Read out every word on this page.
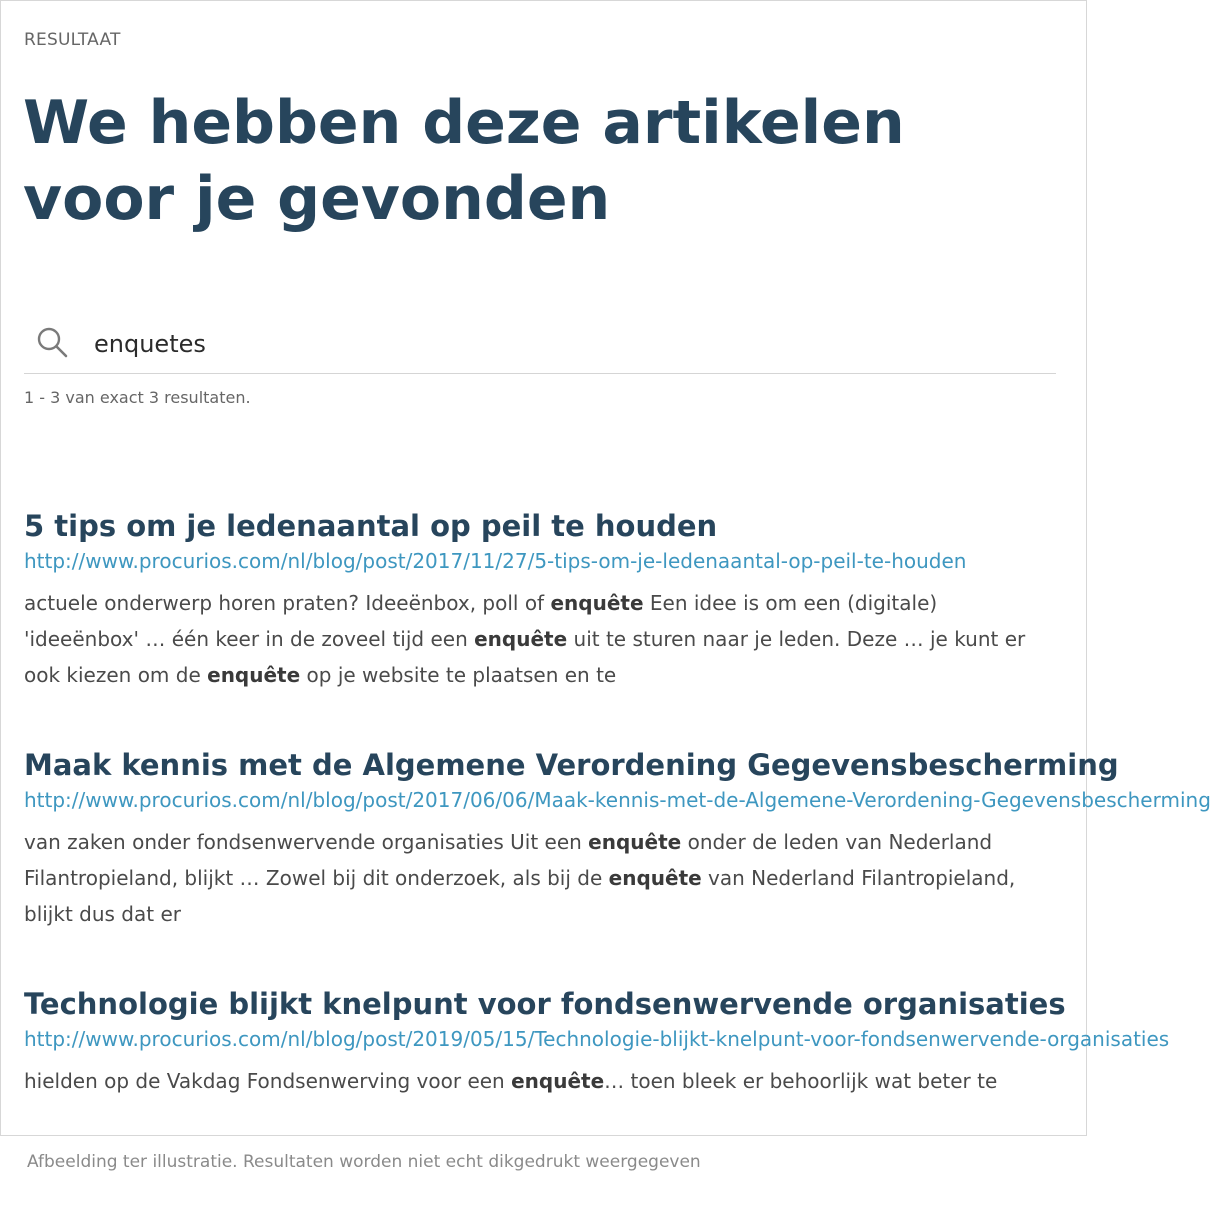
RESULTAAT
We hebben deze artikelen voor je gevonden
enquetes
1 - 3 van exact 3 resultaten.
5 tips om je ledenaantal op peil te houden
http://www.procurios.com/nl/blog/post/2017/11/27/5-tips-om-je-ledenaantal-op-peil-te-houden
actuele onderwerp horen praten? Ideeënbox, poll of enquête Een idee is om een (digitale) 'ideeënbox' … één keer in de zoveel tijd een enquête uit te sturen naar je leden. Deze … je kunt er ook kiezen om de enquête op je website te plaatsen en te
Maak kennis met de Algemene Verordening Gegevensbescherming
http://www.procurios.com/nl/blog/post/2017/06/06/Maak-kennis-met-de-Algemene-Verordening-Gegevensbescherming
van zaken onder fondsenwervende organisaties Uit een enquête onder de leden van Nederland Filantropieland, blijkt … Zowel bij dit onderzoek, als bij de enquête van Nederland Filantropieland, blijkt dus dat er
Technologie blijkt knelpunt voor fondsenwervende organisaties
http://www.procurios.com/nl/blog/post/2019/05/15/Technologie-blijkt-knelpunt-voor-fondsenwervende-organisaties
hielden op de Vakdag Fondsenwerving voor een enquête… toen bleek er behoorlijk wat beter te
Afbeelding ter illustratie. Resultaten worden niet echt dikgedrukt weergegeven
